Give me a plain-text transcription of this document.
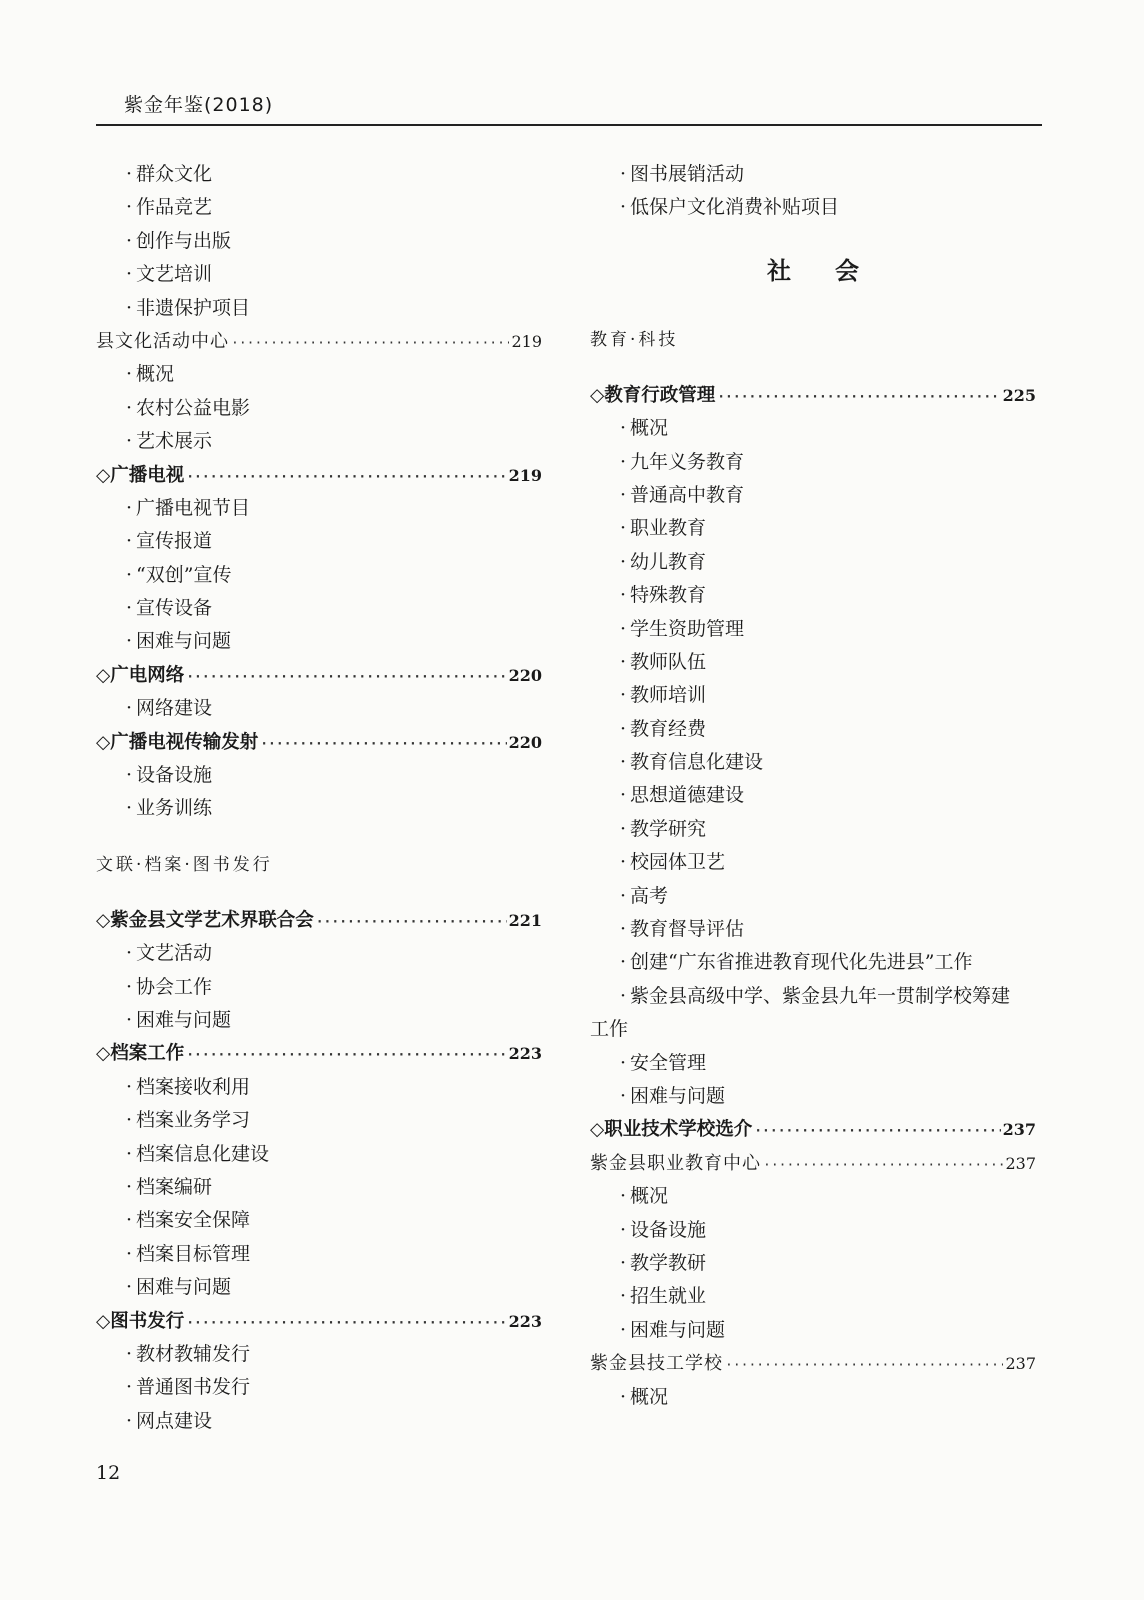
紫金年鉴(2018)
· 群众文化
· 作品竞艺
· 创作与出版
· 文艺培训
· 非遗保护项目
县文化活动中心 ·····	219
· 概况
· 农村公益电影
· 艺术展示
◇广播电视 ·····	219
· 广播电视节目
· 宣传报道
· “双创”宣传
· 宣传设备
· 困难与问题
◇广电网络 ·····	220
· 网络建设
◇广播电视传输发射 ·····	220
· 设备设施
· 业务训练
文联·档案·图书发行
◇紫金县文学艺术界联合会 ·····	221
· 文艺活动
· 协会工作
· 困难与问题
◇档案工作 ·····	223
· 档案接收利用
· 档案业务学习
· 档案信息化建设
· 档案编研
· 档案安全保障
· 档案目标管理
· 困难与问题
◇图书发行 ·····	223
· 教材教辅发行
· 普通图书发行
· 网点建设
· 图书展销活动
· 低保户文化消费补贴项目
社会
教育·科技
◇教育行政管理 ·····	225
· 概况
· 九年义务教育
· 普通高中教育
· 职业教育
· 幼儿教育
· 特殊教育
· 学生资助管理
· 教师队伍
· 教师培训
· 教育经费
· 教育信息化建设
· 思想道德建设
· 教学研究
· 校园体卫艺
· 高考
· 教育督导评估
· 创建“广东省推进教育现代化先进县”工作
· 紫金县高级中学、紫金县九年一贯制学校筹建
工作
· 安全管理
· 困难与问题
◇职业技术学校选介 ·····	237
紫金县职业教育中心 ·····	237
· 概况
· 设备设施
· 教学教研
· 招生就业
· 困难与问题
紫金县技工学校 ·····	237
· 概况
12
